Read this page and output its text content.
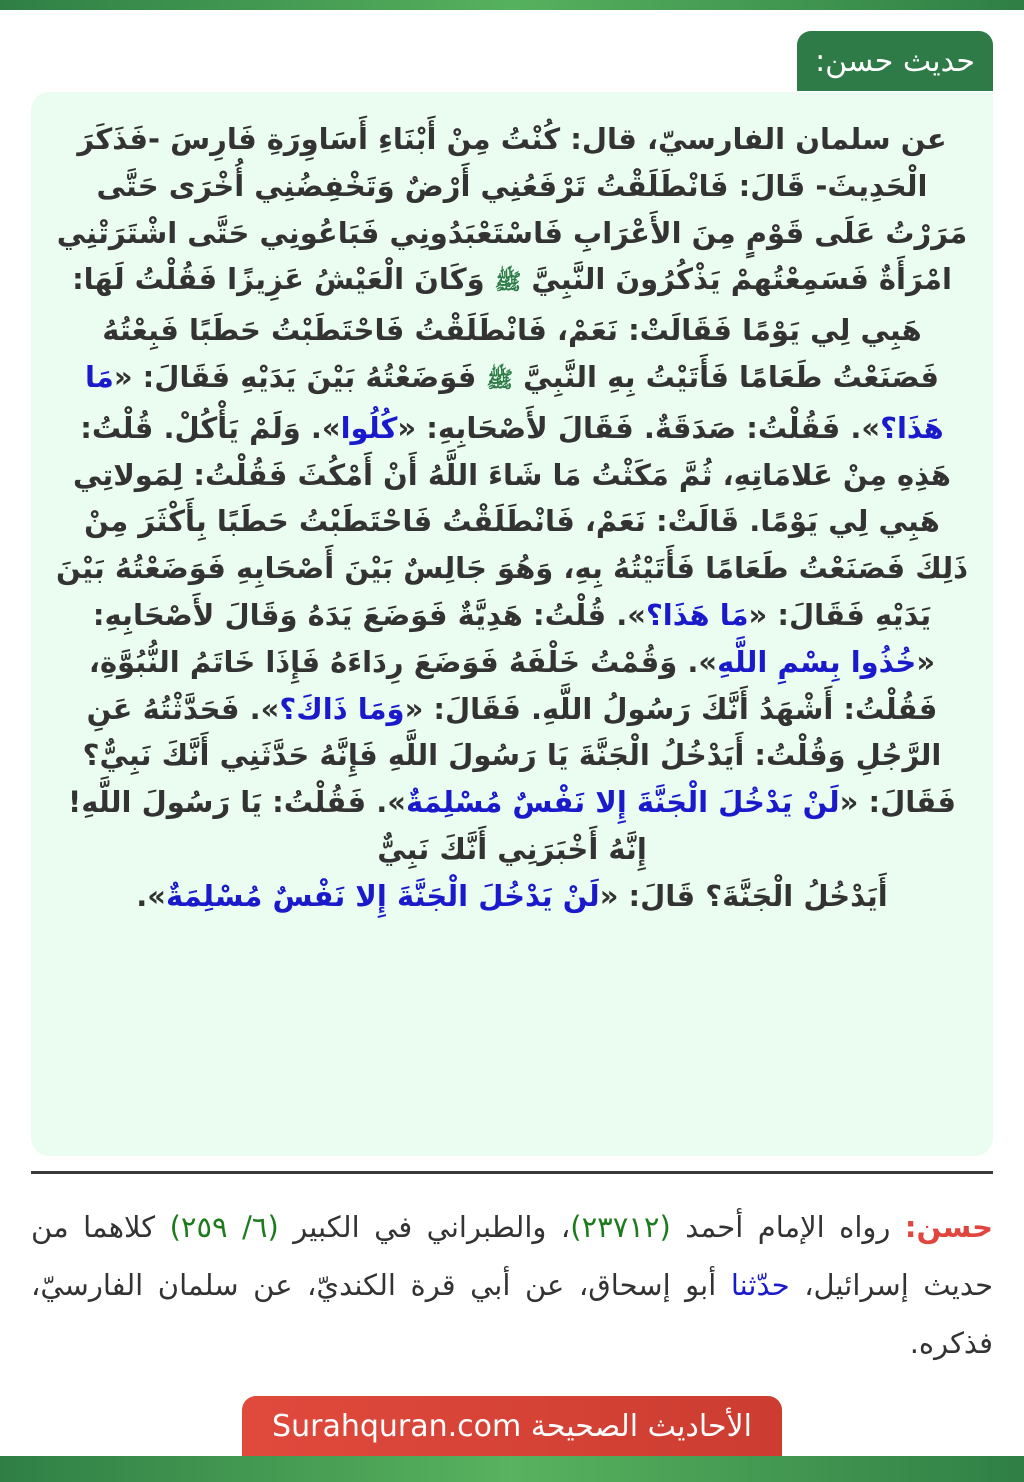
حديث حسن:
عن سلمان الفارسيّ، قال: كُنْتُ مِنْ أَبْنَاءِ أَسَاوِرَةِ فَارِسَ -فَذَكَرَ الْحَدِيثَ- قَالَ: فَانْطَلَقْتُ تَرْفَعُنِي أَرْضٌ وَتَخْفِضُنِي أُخْرَى حَتَّى مَرَرْتُ عَلَى قَوْمٍ مِنَ الأَعْرَابِ فَاسْتَعْبَدُونِي فَبَاعُونِي حَتَّى اشْتَرَتْنِي امْرَأَةٌ فَسَمِعْتُهمْ يَذْكُرُونَ النَّبِيَّ ﷺ وَكَانَ الْعَيْشُ عَزِيزًا فَقُلْتُ لَهَا: هَبِي لِي يَوْمًا فَقَالَتْ: نَعَمْ، فَانْطَلَقْتُ فَاحْتَطَبْتُ حَطَبًا فَبِعْتُهُ فَصَنَعْتُ طَعَامًا فَأَتَيْتُ بِهِ النَّبِيَّ ﷺ فَوَضَعْتُهُ بَيْنَ يَدَيْهِ فَقَالَ: «مَا هَذَا؟». فَقُلْتُ: صَدَقَةٌ. فَقَالَ لأَصْحَابِهِ: «كُلُوا». وَلَمْ يَأْكُلْ. قُلْتُ: هَذِهِ مِنْ عَلامَاتِهِ، ثُمَّ مَكَثْتُ مَا شَاءَ اللَّهُ أَنْ أَمْكُثَ فَقُلْتُ: لِمَولاتِي هَبِي لِي يَوْمًا. قَالَتْ: نَعَمْ، فَانْطَلَقْتُ فَاحْتَطَبْتُ حَطَبًا بِأَكْثَرَ مِنْ ذَلِكَ فَصَنَعْتُ طَعَامًا فَأَتَيْتُهُ بِهِ، وَهُوَ جَالِسٌ بَيْنَ أَصْحَابِهِ فَوَضَعْتُهُ بَيْنَ يَدَيْهِ فَقَالَ: «مَا هَذَا؟». قُلْتُ: هَدِيَّةٌ فَوَضَعَ يَدَهُ وَقَالَ لأَصْحَابِهِ: «خُذُوا بِسْمِ اللَّهِ». وَقُمْتُ خَلْفَهُ فَوَضَعَ رِدَاءَهُ فَإِذَا خَاتَمُ النُّبُوَّةِ، فَقُلْتُ: أَشْهَدُ أَنَّكَ رَسُولُ اللَّهِ. فَقَالَ: «وَمَا ذَاكَ؟». فَحَدَّثْتُهُ عَنِ الرَّجُلِ وَقُلْتُ: أَيَدْخُلُ الْجَنَّةَ يَا رَسُولَ اللَّهِ فَإِنَّهُ حَدَّثَنِي أَنَّكَ نَبِيٌّ؟ فَقَالَ: «لَنْ يَدْخُلَ الْجَنَّةَ إِلا نَفْسٌ مُسْلِمَةٌ». فَقُلْتُ: يَا رَسُولَ اللَّهِ! إِنَّهُ أَخْبَرَنِي أَنَّكَ نَبِيٌّ
أَيَدْخُلُ الْجَنَّةَ؟ قَالَ: «لَنْ يَدْخُلَ الْجَنَّةَ إِلا نَفْسٌ مُسْلِمَةٌ».
حسن: رواه الإمام أحمد (٢٣٧١٢)، والطبراني في الكبير (٦/ ٢٥٩) كلاهما من حديث إسرائيل، حدّثنا أبو إسحاق، عن أبي قرة الكنديّ، عن سلمان الفارسيّ، فذكره.
الأحاديث الصحيحة Surahquran.com
